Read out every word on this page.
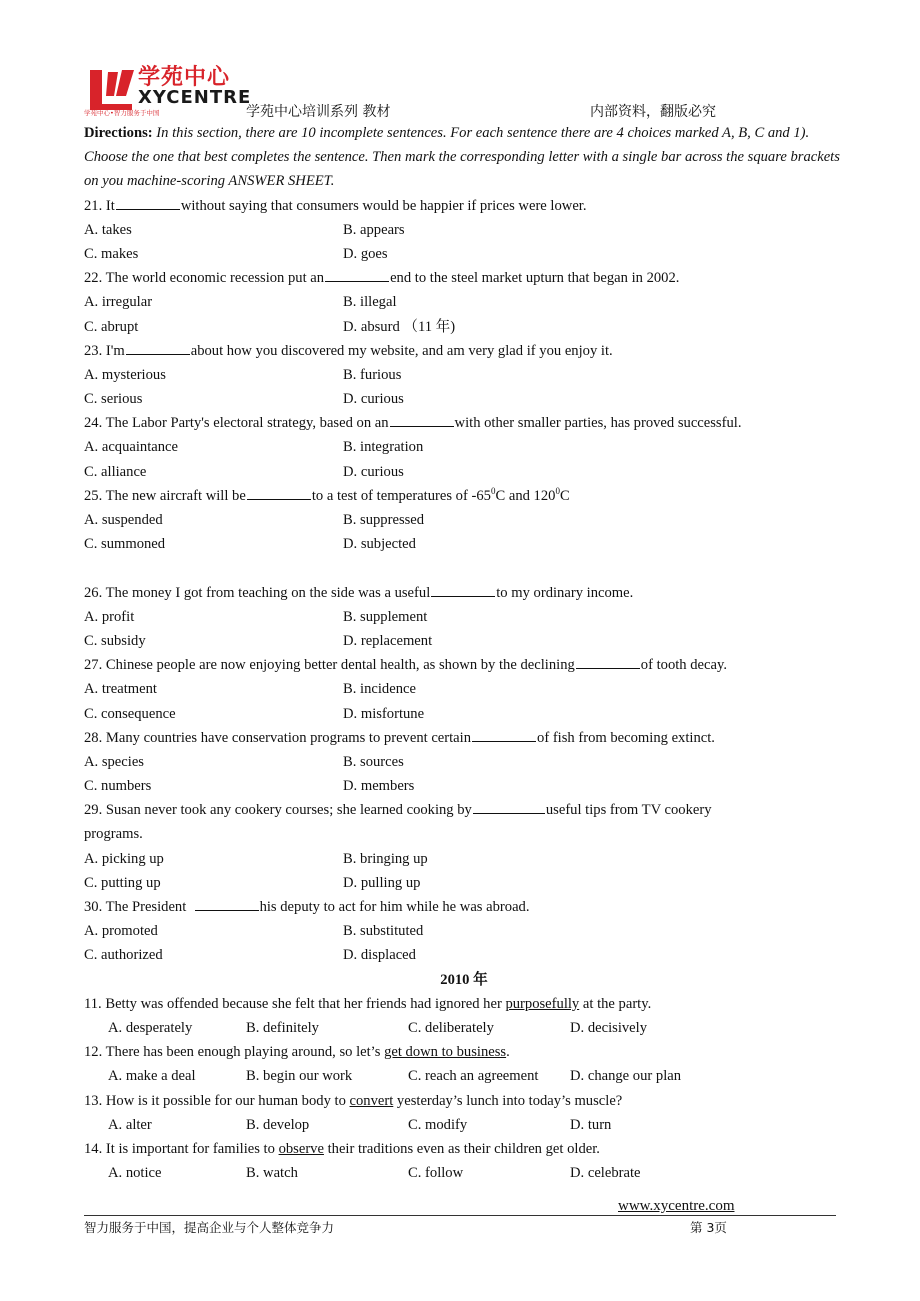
学苑中心
XYCENTRE
学苑中心•智力服务于中国	学苑中心培训系列 教材	内部资料，翻版必究
Directions: In this section, there are 10 incomplete sentences. For each sentence there are 4 choices marked A, B, C and 1). Choose the one that best completes the sentence. Then mark the corresponding letter with a single bar across the square brackets on you machine-scoring ANSWER SHEET.
21. It	without saying that consumers would be happier if prices were lower.
A. takes	B. appears
C. makes	D. goes
22. The world economic recession put an	end to the steel market upturn that began in 2002.
A. irregular	B. illegal
C. abrupt	D. absurd （11 年)
23. I'm	about how you discovered my website, and am very glad if you enjoy it.
A. mysterious	B. furious
C. serious	D. curious
24. The Labor Party's electoral strategy, based on an	with other smaller parties, has proved successful.
A. acquaintance	B. integration
C. alliance	D. curious
25. The new aircraft will be	to a test of temperatures of $-65^0C$ and $120^0C$
A. suspended	B. suppressed
C. summoned	D. subjected
26. The money I got from teaching on the side was a useful	to my ordinary income.
A. profit	B. supplement
C. subsidy	D. replacement
27. Chinese people are now enjoying better dental health, as shown by the declining	of tooth decay.
A. treatment	B. incidence
C. consequence	D. misfortune
28. Many countries have conservation programs to prevent certain	of fish from becoming extinct.
A. species	B. sources
C. numbers	D. members
29. Susan never took any cookery courses; she learned cooking by	useful tips from TV cookery
programs.
A. picking up	B. bringing up
C. putting up	D. pulling up
30. The President	his deputy to act for him while he was abroad.
A. promoted	B. substituted
C. authorized	D. displaced
2010 年
11. Betty was offended because she felt that her friends had ignored her purposefully at the party.
A. desperately	B. definitely	C. deliberately	D. decisively
12. There has been enough playing around, so let’s get down to business.
A. make a deal	B. begin our work	C. reach an agreement D. change our plan
13. How is it possible for our human body to convert yesterday’s lunch into today’s muscle?
A. alter	B. develop	C. modify	D. turn
14. It is important for families to observe their traditions even as their children get older.
A. notice	B. watch	C. follow	D. celebrate
www.xycentre.com
智力服务于中国，提高企业与个人整体竞争力	第 3页
